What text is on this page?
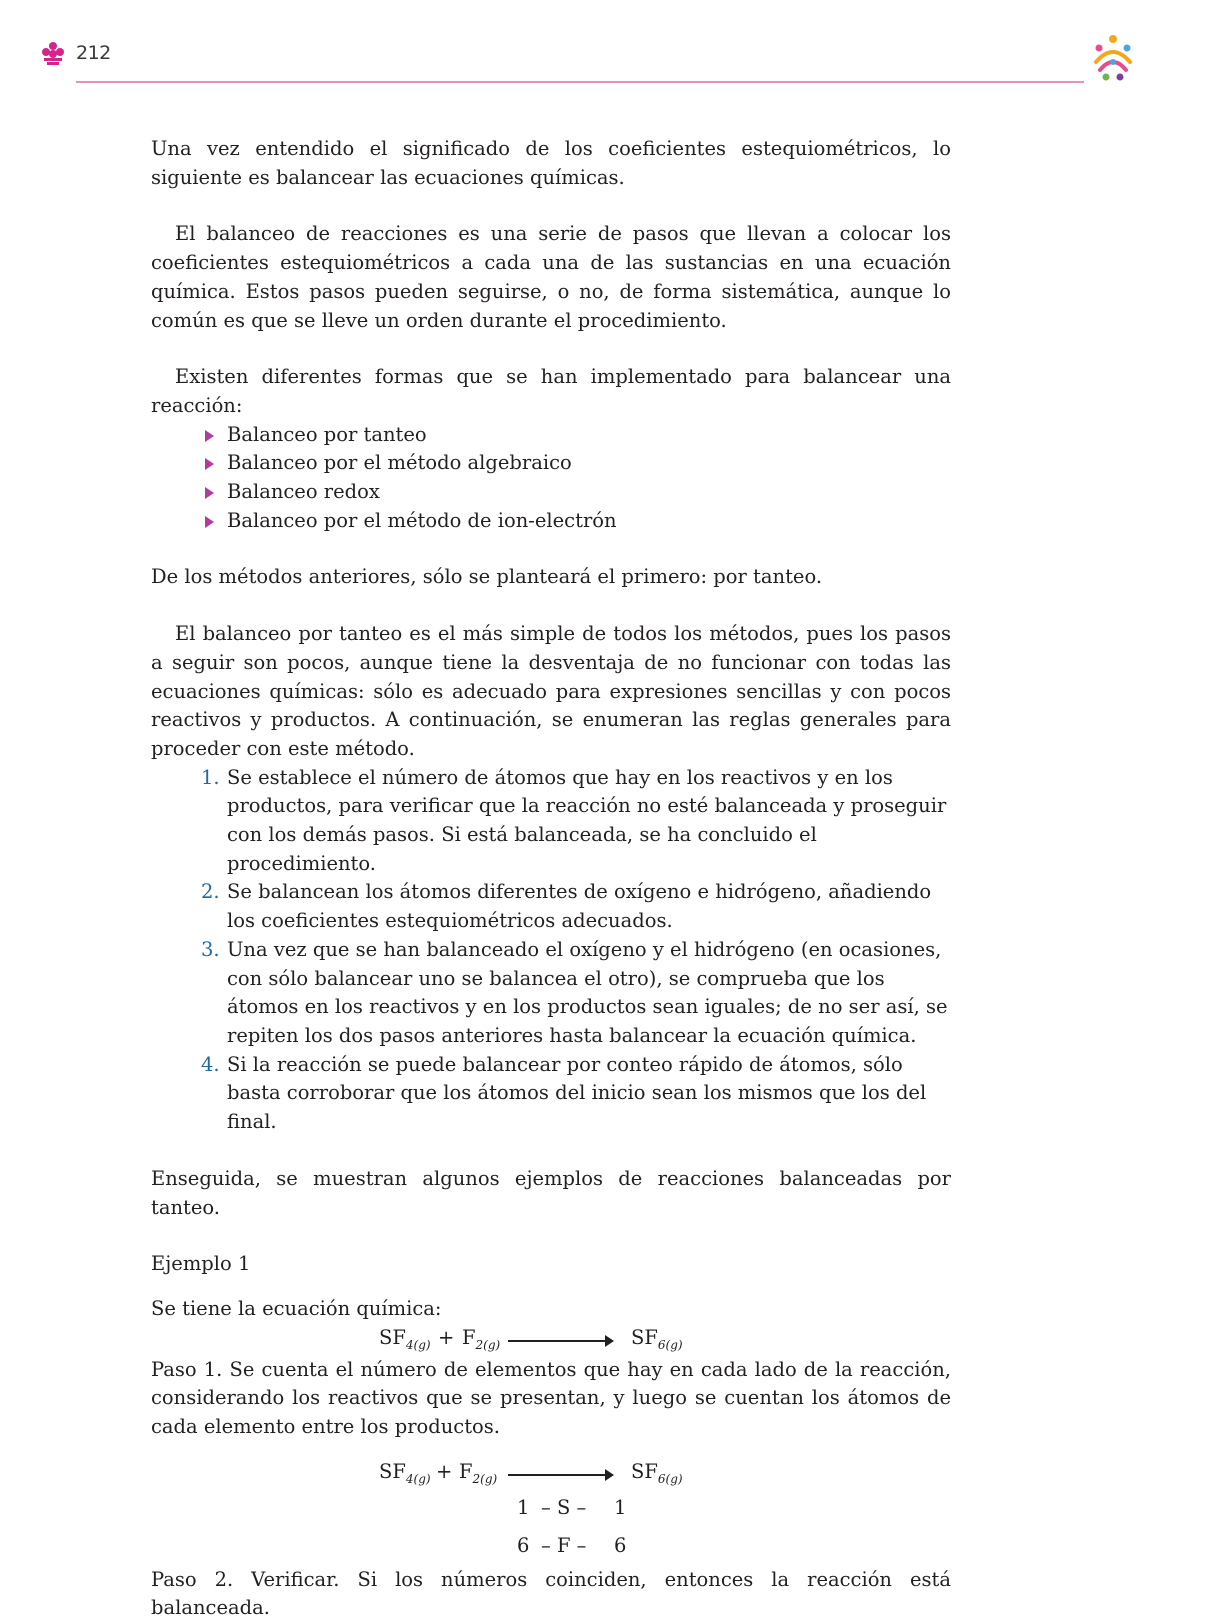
212

Una vez entendido el significado de los coeficientes estequiométricos, lo siguiente es balancear las ecuaciones químicas.

El balanceo de reacciones es una serie de pasos que llevan a colocar los coeficientes estequiométricos a cada una de las sustancias en una ecuación química. Estos pasos pueden seguirse, o no, de forma sistemática, aunque lo común es que se lleve un orden durante el procedimiento.

Existen diferentes formas que se han implementado para balancear una reacción:

Balanceo por tanteo
Balanceo por el método algebraico
Balanceo redox
Balanceo por el método de ion-electrón

De los métodos anteriores, sólo se planteará el primero: por tanteo.

El balanceo por tanteo es el más simple de todos los métodos, pues los pasos a seguir son pocos, aunque tiene la desventaja de no funcionar con todas las ecuaciones químicas: sólo es adecuado para expresiones sencillas y con pocos reactivos y productos. A continuación, se enumeran las reglas generales para proceder con este método.

1. Se establece el número de átomos que hay en los reactivos y en los productos, para verificar que la reacción no esté balanceada y proseguir con los demás pasos. Si está balanceada, se ha concluido el procedimiento.
2. Se balancean los átomos diferentes de oxígeno e hidrógeno, añadiendo los coeficientes estequiométricos adecuados.
3. Una vez que se han balanceado el oxígeno y el hidrógeno (en ocasiones, con sólo balancear uno se balancea el otro), se comprueba que los átomos en los reactivos y en los productos sean iguales; de no ser así, se repiten los dos pasos anteriores hasta balancear la ecuación química.
4. Si la reacción se puede balancear por conteo rápido de átomos, sólo basta corroborar que los átomos del inicio sean los mismos que los del final.

Enseguida, se muestran algunos ejemplos de reacciones balanceadas por tanteo.

Ejemplo 1

Se tiene la ecuación química:

$SF_{4(g)} + F_{2(g)}$	$SF_{6(g)}$

Paso 1. Se cuenta el número de elementos que hay en cada lado de la reacción, considerando los reactivos que se presentan, y luego se cuentan los átomos de cada elemento entre los productos.

$SF_{4(g)} + F_{2(g)}$	$SF_{6(g)}$
1 – S – 1
6 – F – 6

Paso 2. Verificar. Si los números coinciden, entonces la reacción está balanceada.
